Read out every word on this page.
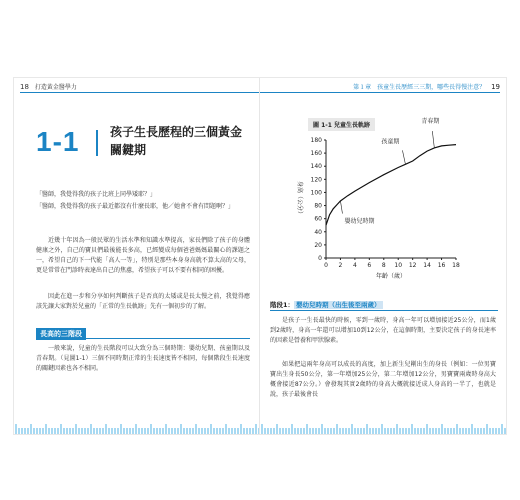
18 打造黃金醫學力
1-1	孩子生長歷程的三個黃金關鍵期

「醫師，我覺得我的孩子比班上同學矮耶？」

「醫師，我覺得我的孩子最近都沒有什麼長耶，他／她會不會有問題啊？」

近幾十年因為一般民眾的生活水準和知識水準提高，家長們除了孩子的身體健康之外，自己的寶貝們最後能長多高，已經變成每個爸爸媽媽最關心的課題之一，希望自己的下一代能「高人一等」，特別是那些本身身高就不算太高的父母，更是常常在門診時表達出自己的焦慮，希望孩子可以不要有相同的困擾。

因此在進一步和分享如何判斷孩子是否真的太矮或是長太慢之前，我覺得應該先讓大家對於兒童的「正常的生長軌跡」先有一個初步的了解。

長高的三階段

一般來說，兒童的生長階段可以大致分為三個時期：嬰幼兒期、孩童期以及青春期。（見圖1-1）三個不同時期正常的生長速度皆不相同，每個階段生長速度的關鍵因素也各不相同。

第１章　孩童生長歷經三三期，哪些長得慢注意？ 19
圖 1-1 兒童生長軌跡
0
20
40
60
80
100
120
140
160
180
0 2 4 6 8 10 12 14 16 18
年齡（歲）
身高（公分）
嬰幼兒時期
孩童期
青春期
階段1： 嬰幼兒時期（出生後至兩歲）

是孩子一生長最快的時候，零到一歲時，身高一年可以增加接近25公分，而1歲到2歲時，身高一年還可以增加10到12公分，在這個時期，主要決定孩子的身長速率的因素是營養和甲狀腺素。

如果把這兩年身高可以成長的高度，加上新生兒剛出生的身長（例如：一位男寶寶出生身長50公分，第一年增加25公分，第二年增加12公分，男寶寶兩歲時身高大概會接近87公分。）會發現其實2歲時的身高大概就接近成人身高的一半了，也就是說，孩子最後會長
